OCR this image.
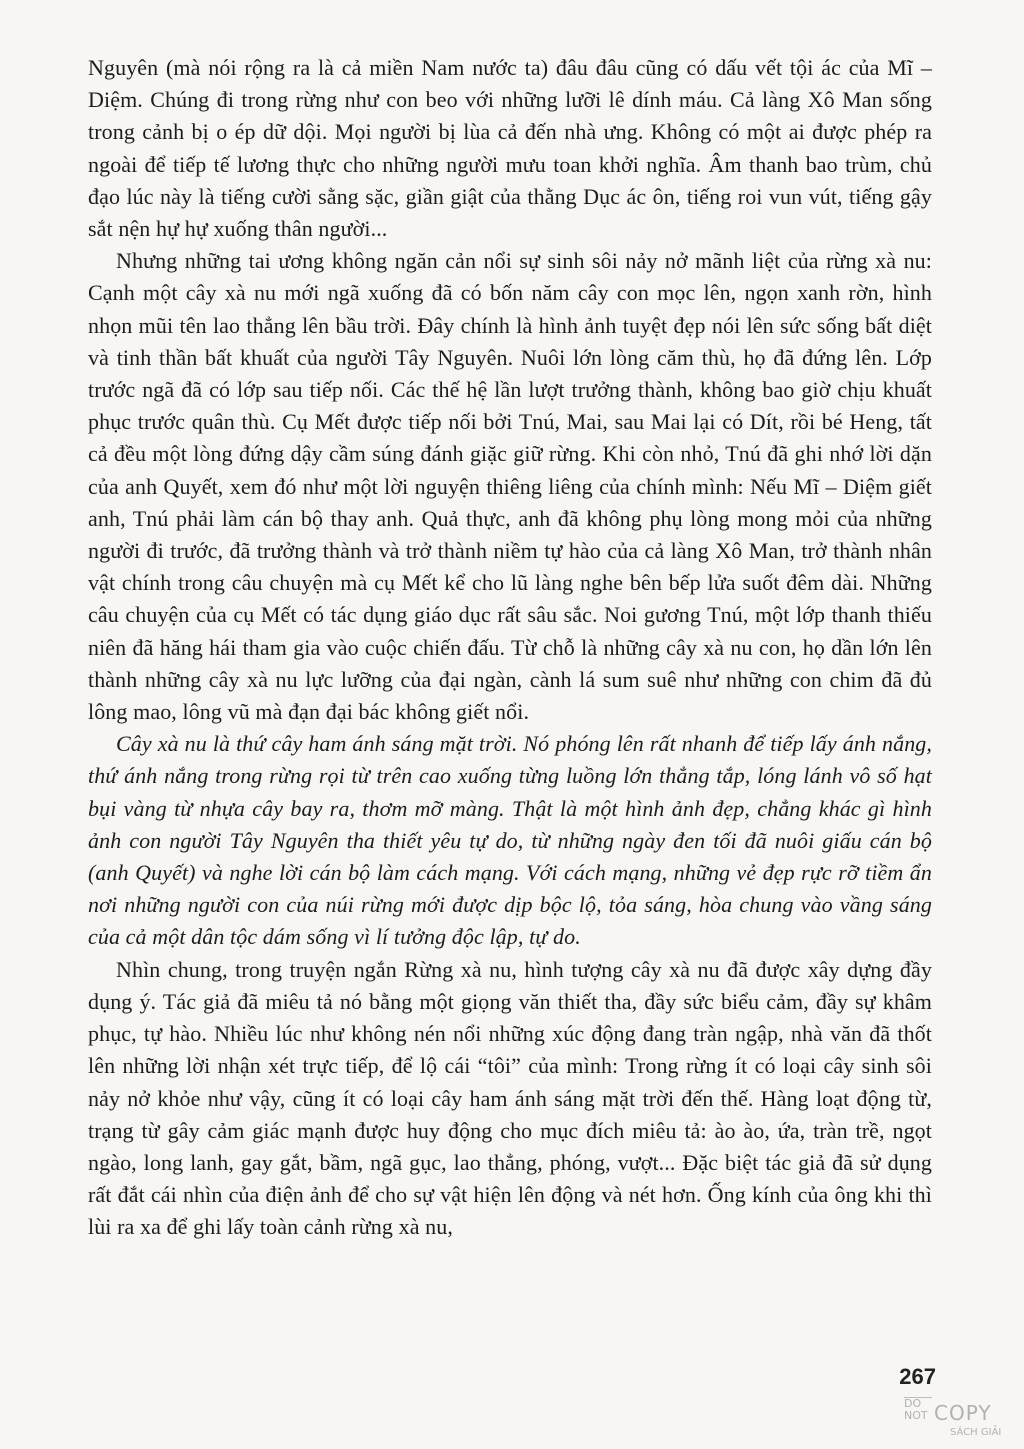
Nguyên (mà nói rộng ra là cả miền Nam nước ta) đâu đâu cũng có dấu vết tội ác của Mĩ – Diệm. Chúng đi trong rừng như con beo với những lưỡi lê dính máu. Cả làng Xô Man sống trong cảnh bị o ép dữ dội. Mọi người bị lùa cả đến nhà ưng. Không có một ai được phép ra ngoài để tiếp tế lương thực cho những người mưu toan khởi nghĩa. Âm thanh bao trùm, chủ đạo lúc này là tiếng cười sằng sặc, giần giật của thằng Dục ác ôn, tiếng roi vun vút, tiếng gậy sắt nện hự hự xuống thân người...

Nhưng những tai ương không ngăn cản nổi sự sinh sôi nảy nở mãnh liệt của rừng xà nu: Cạnh một cây xà nu mới ngã xuống đã có bốn năm cây con mọc lên, ngọn xanh rờn, hình nhọn mũi tên lao thẳng lên bầu trời. Đây chính là hình ảnh tuyệt đẹp nói lên sức sống bất diệt và tinh thần bất khuất của người Tây Nguyên. Nuôi lớn lòng căm thù, họ đã đứng lên. Lớp trước ngã đã có lớp sau tiếp nối. Các thế hệ lần lượt trưởng thành, không bao giờ chịu khuất phục trước quân thù. Cụ Mết được tiếp nối bởi Tnú, Mai, sau Mai lại có Dít, rồi bé Heng, tất cả đều một lòng đứng dậy cầm súng đánh giặc giữ rừng. Khi còn nhỏ, Tnú đã ghi nhớ lời dặn của anh Quyết, xem đó như một lời nguyện thiêng liêng của chính mình: Nếu Mĩ – Diệm giết anh, Tnú phải làm cán bộ thay anh. Quả thực, anh đã không phụ lòng mong mỏi của những người đi trước, đã trưởng thành và trở thành niềm tự hào của cả làng Xô Man, trở thành nhân vật chính trong câu chuyện mà cụ Mết kể cho lũ làng nghe bên bếp lửa suốt đêm dài. Những câu chuyện của cụ Mết có tác dụng giáo dục rất sâu sắc. Noi gương Tnú, một lớp thanh thiếu niên đã hăng hái tham gia vào cuộc chiến đấu. Từ chỗ là những cây xà nu con, họ dần lớn lên thành những cây xà nu lực lưỡng của đại ngàn, cành lá sum suê như những con chim đã đủ lông mao, lông vũ mà đạn đại bác không giết nổi.

Cây xà nu là thứ cây ham ánh sáng mặt trời. Nó phóng lên rất nhanh để tiếp lấy ánh nắng, thứ ánh nắng trong rừng rọi từ trên cao xuống từng luồng lớn thẳng tắp, lóng lánh vô số hạt bụi vàng từ nhựa cây bay ra, thơm mỡ màng. Thật là một hình ảnh đẹp, chẳng khác gì hình ảnh con người Tây Nguyên tha thiết yêu tự do, từ những ngày đen tối đã nuôi giấu cán bộ (anh Quyết) và nghe lời cán bộ làm cách mạng. Với cách mạng, những vẻ đẹp rực rỡ tiềm ẩn nơi những người con của núi rừng mới được dịp bộc lộ, tỏa sáng, hòa chung vào vầng sáng của cả một dân tộc dám sống vì lí tưởng độc lập, tự do.

Nhìn chung, trong truyện ngắn Rừng xà nu, hình tượng cây xà nu đã được xây dựng đầy dụng ý. Tác giả đã miêu tả nó bằng một giọng văn thiết tha, đầy sức biểu cảm, đầy sự khâm phục, tự hào. Nhiều lúc như không nén nổi những xúc động đang tràn ngập, nhà văn đã thốt lên những lời nhận xét trực tiếp, để lộ cái “tôi” của mình: Trong rừng ít có loại cây sinh sôi nảy nở khỏe như vậy, cũng ít có loại cây ham ánh sáng mặt trời đến thế. Hàng loạt động từ, trạng từ gây cảm giác mạnh được huy động cho mục đích miêu tả: ào ào, ứa, tràn trề, ngọt ngào, long lanh, gay gắt, bầm, ngã gục, lao thẳng, phóng, vượt... Đặc biệt tác giả đã sử dụng rất đắt cái nhìn của điện ảnh để cho sự vật hiện lên động và nét hơn. Ống kính của ông khi thì lùi ra xa để ghi lấy toàn cảnh rừng xà nu,

267
DO NOT COPY
SÁCH GIẢI
